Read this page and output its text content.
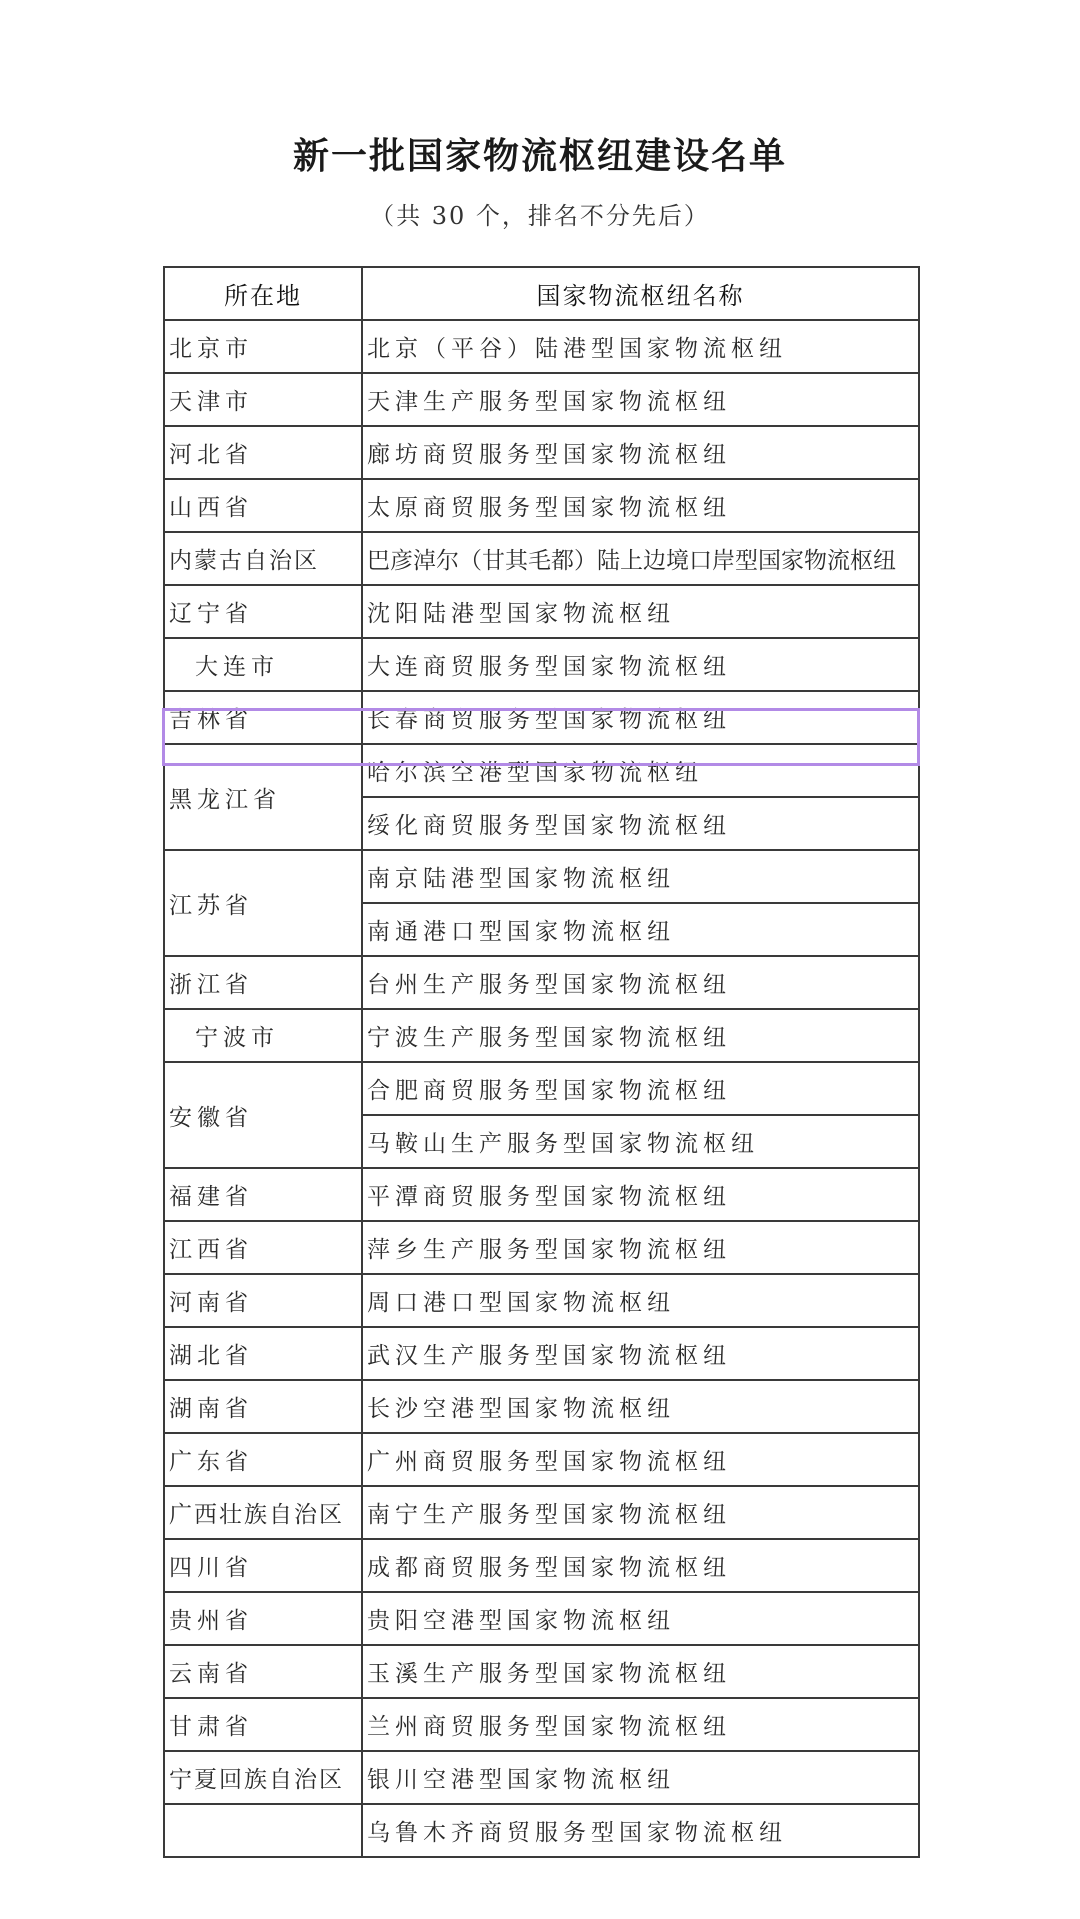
新一批国家物流枢纽建设名单
（共 30 个，排名不分先后）
所在地	国家物流枢纽名称
北京市	北京（平谷）陆港型国家物流枢纽
天津市	天津生产服务型国家物流枢纽
河北省	廊坊商贸服务型国家物流枢纽
山西省	太原商贸服务型国家物流枢纽
内蒙古自治区	巴彦淖尔（甘其毛都）陆上边境口岸型国家物流枢纽
辽宁省	沈阳陆港型国家物流枢纽
大连市	大连商贸服务型国家物流枢纽
吉林省	长春商贸服务型国家物流枢纽
黑龙江省	哈尔滨空港型国家物流枢纽
	绥化商贸服务型国家物流枢纽
江苏省	南京陆港型国家物流枢纽
	南通港口型国家物流枢纽
浙江省	台州生产服务型国家物流枢纽
宁波市	宁波生产服务型国家物流枢纽
安徽省	合肥商贸服务型国家物流枢纽
	马鞍山生产服务型国家物流枢纽
福建省	平潭商贸服务型国家物流枢纽
江西省	萍乡生产服务型国家物流枢纽
河南省	周口港口型国家物流枢纽
湖北省	武汉生产服务型国家物流枢纽
湖南省	长沙空港型国家物流枢纽
广东省	广州商贸服务型国家物流枢纽
广西壮族自治区	南宁生产服务型国家物流枢纽
四川省	成都商贸服务型国家物流枢纽
贵州省	贵阳空港型国家物流枢纽
云南省	玉溪生产服务型国家物流枢纽
甘肃省	兰州商贸服务型国家物流枢纽
宁夏回族自治区	银川空港型国家物流枢纽
	乌鲁木齐商贸服务型国家物流枢纽
